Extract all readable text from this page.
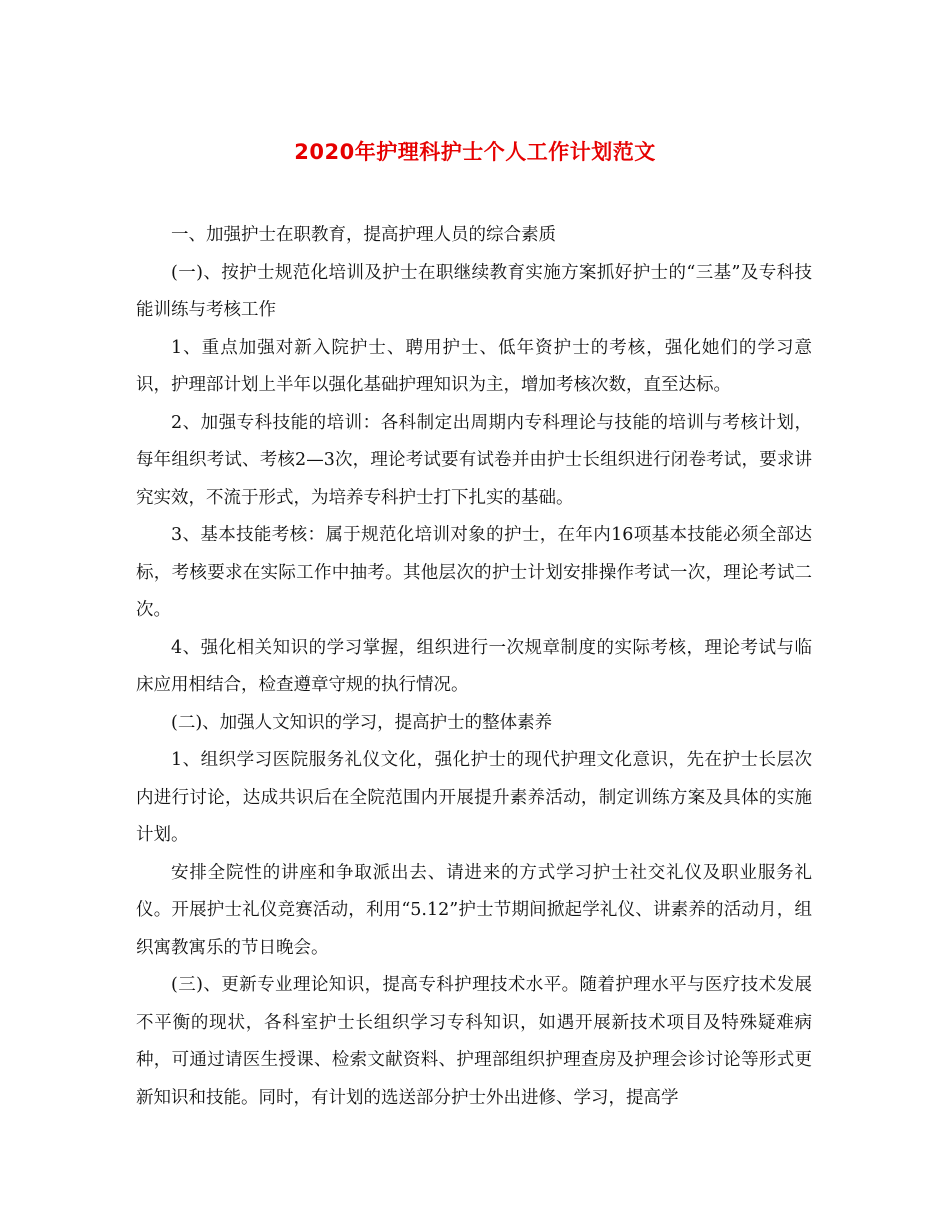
2020年护理科护士个人工作计划范文

一、加强护士在职教育，提高护理人员的综合素质

(一)、按护士规范化培训及护士在职继续教育实施方案抓好护士的“三基”及专科技能训练与考核工作

1、重点加强对新入院护士、聘用护士、低年资护士的考核，强化她们的学习意识，护理部计划上半年以强化基础护理知识为主，增加考核次数，直至达标。

2、加强专科技能的培训：各科制定出周期内专科理论与技能的培训与考核计划，每年组织考试、考核2—3次，理论考试要有试卷并由护士长组织进行闭卷考试，要求讲究实效，不流于形式，为培养专科护士打下扎实的基础。

3、基本技能考核：属于规范化培训对象的护士，在年内16项基本技能必须全部达标，考核要求在实际工作中抽考。其他层次的护士计划安排操作考试一次，理论考试二次。

4、强化相关知识的学习掌握，组织进行一次规章制度的实际考核，理论考试与临床应用相结合，检查遵章守规的执行情况。

(二)、加强人文知识的学习，提高护士的整体素养

1、组织学习医院服务礼仪文化，强化护士的现代护理文化意识，先在护士长层次内进行讨论，达成共识后在全院范围内开展提升素养活动，制定训练方案及具体的实施计划。

安排全院性的讲座和争取派出去、请进来的方式学习护士社交礼仪及职业服务礼仪。开展护士礼仪竞赛活动，利用“5.12”护士节期间掀起学礼仪、讲素养的活动月，组织寓教寓乐的节日晚会。

(三)、更新专业理论知识，提高专科护理技术水平。随着护理水平与医疗技术发展不平衡的现状，各科室护士长组织学习专科知识，如遇开展新技术项目及特殊疑难病种，可通过请医生授课、检索文献资料、护理部组织护理查房及护理会诊讨论等形式更新知识和技能。同时，有计划的选送部分护士外出进修、学习，提高学
